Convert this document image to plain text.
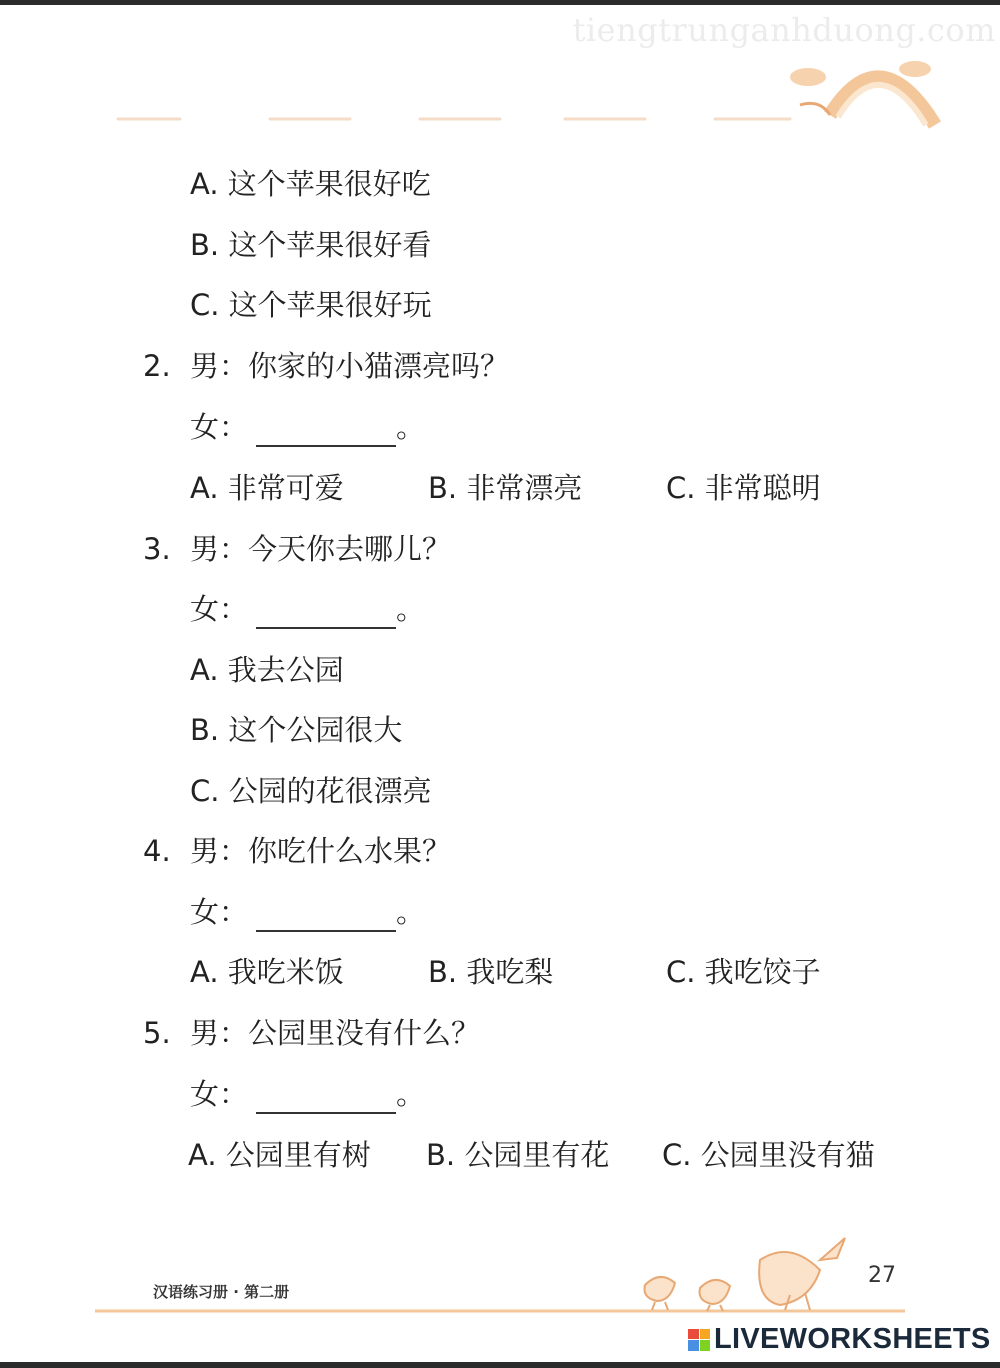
tiengtrunganhduong.com
A. 这个苹果很好吃
B. 这个苹果很好看
C. 这个苹果很好玩
2. 男：你家的小猫漂亮吗？
女：	。
A. 非常可爱	B. 非常漂亮	C. 非常聪明
3. 男：今天你去哪儿？
女：	。
A. 我去公园
B. 这个公园很大
C. 公园的花很漂亮
4. 男：你吃什么水果？
女：	。
A. 我吃米饭	B. 我吃梨	C. 我吃饺子
5. 男：公园里没有什么？
女：	。
A. 公园里有树 B. 公园里有花 C. 公园里没有猫
汉语练习册 · 第二册
27
LIVEWORKSHEETS
